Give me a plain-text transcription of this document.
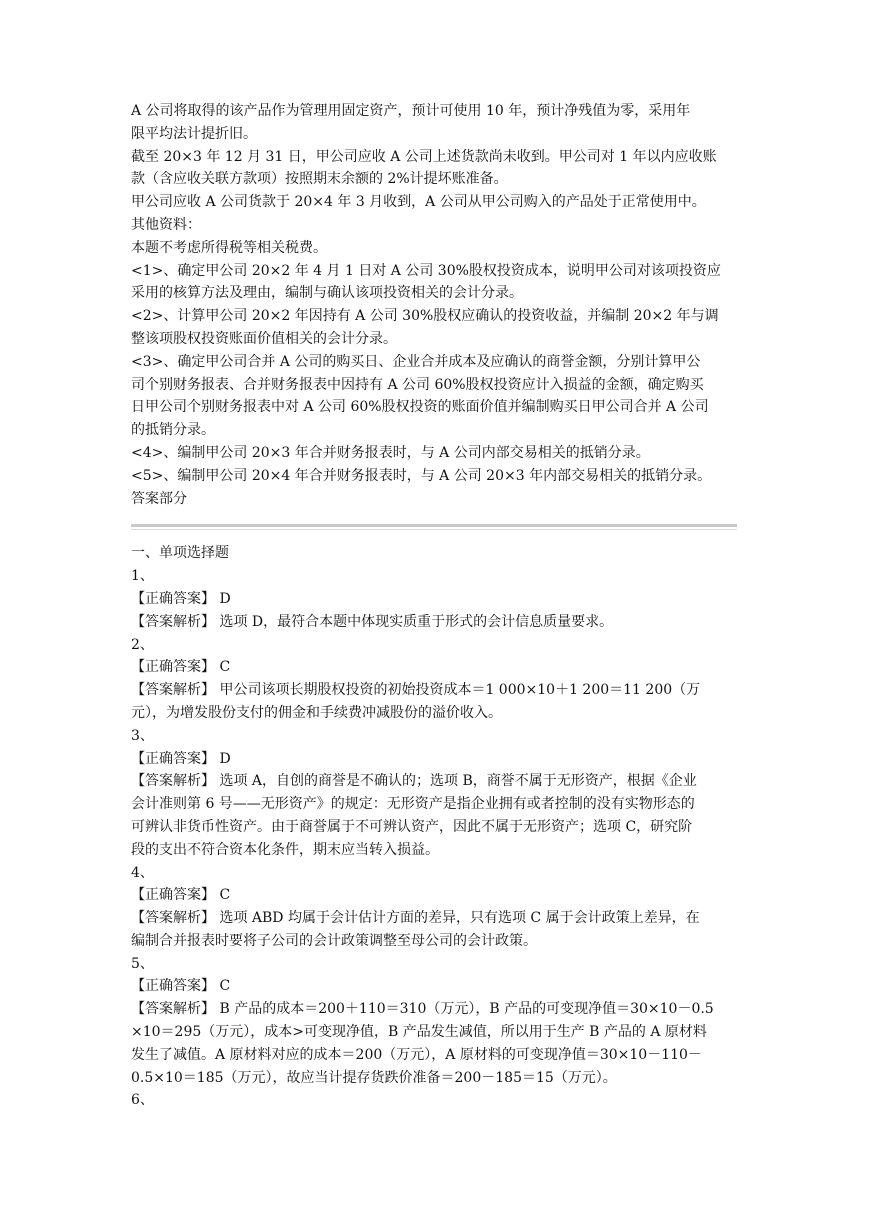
A 公司将取得的该产品作为管理用固定资产，预计可使用 10 年，预计净残值为零，采用年
限平均法计提折旧。
截至 20×3 年 12 月 31 日，甲公司应收 A 公司上述货款尚未收到。甲公司对 1 年以内应收账
款（含应收关联方款项）按照期末余额的 2%计提坏账准备。
甲公司应收 A 公司货款于 20×4 年 3 月收到，A 公司从甲公司购入的产品处于正常使用中。
其他资料：
本题不考虑所得税等相关税费。
<1>、确定甲公司 20×2 年 4 月 1 日对 A 公司 30%股权投资成本，说明甲公司对该项投资应
采用的核算方法及理由，编制与确认该项投资相关的会计分录。
<2>、计算甲公司 20×2 年因持有 A 公司 30%股权应确认的投资收益，并编制 20×2 年与调
整该项股权投资账面价值相关的会计分录。
<3>、确定甲公司合并 A 公司的购买日、企业合并成本及应确认的商誉金额，分别计算甲公
司个别财务报表、合并财务报表中因持有 A 公司 60%股权投资应计入损益的金额，确定购买
日甲公司个别财务报表中对 A 公司 60%股权投资的账面价值并编制购买日甲公司合并 A 公司
的抵销分录。
<4>、编制甲公司 20×3 年合并财务报表时，与 A 公司内部交易相关的抵销分录。
<5>、编制甲公司 20×4 年合并财务报表时，与 A 公司 20×3 年内部交易相关的抵销分录。
答案部分
一、单项选择题
1、
【正确答案】 D
【答案解析】 选项 D，最符合本题中体现实质重于形式的会计信息质量要求。
2、
【正确答案】 C
【答案解析】 甲公司该项长期股权投资的初始投资成本＝1 000×10＋1 200＝11 200（万
元），为增发股份支付的佣金和手续费冲减股份的溢价收入。
3、
【正确答案】 D
【答案解析】 选项 A，自创的商誉是不确认的；选项 B，商誉不属于无形资产，根据《企业
会计准则第 6 号——无形资产》的规定：无形资产是指企业拥有或者控制的没有实物形态的
可辨认非货币性资产。由于商誉属于不可辨认资产，因此不属于无形资产；选项 C，研究阶
段的支出不符合资本化条件，期末应当转入损益。
4、
【正确答案】 C
【答案解析】 选项 ABD 均属于会计估计方面的差异，只有选项 C 属于会计政策上差异，在
编制合并报表时要将子公司的会计政策调整至母公司的会计政策。
5、
【正确答案】 C
【答案解析】 B 产品的成本＝200＋110＝310（万元），B 产品的可变现净值＝30×10－0.5
×10＝295（万元），成本>可变现净值，B 产品发生减值，所以用于生产 B 产品的 A 原材料
发生了减值。A 原材料对应的成本＝200（万元），A 原材料的可变现净值＝30×10－110－
0.5×10＝185（万元），故应当计提存货跌价准备＝200－185＝15（万元）。
6、
